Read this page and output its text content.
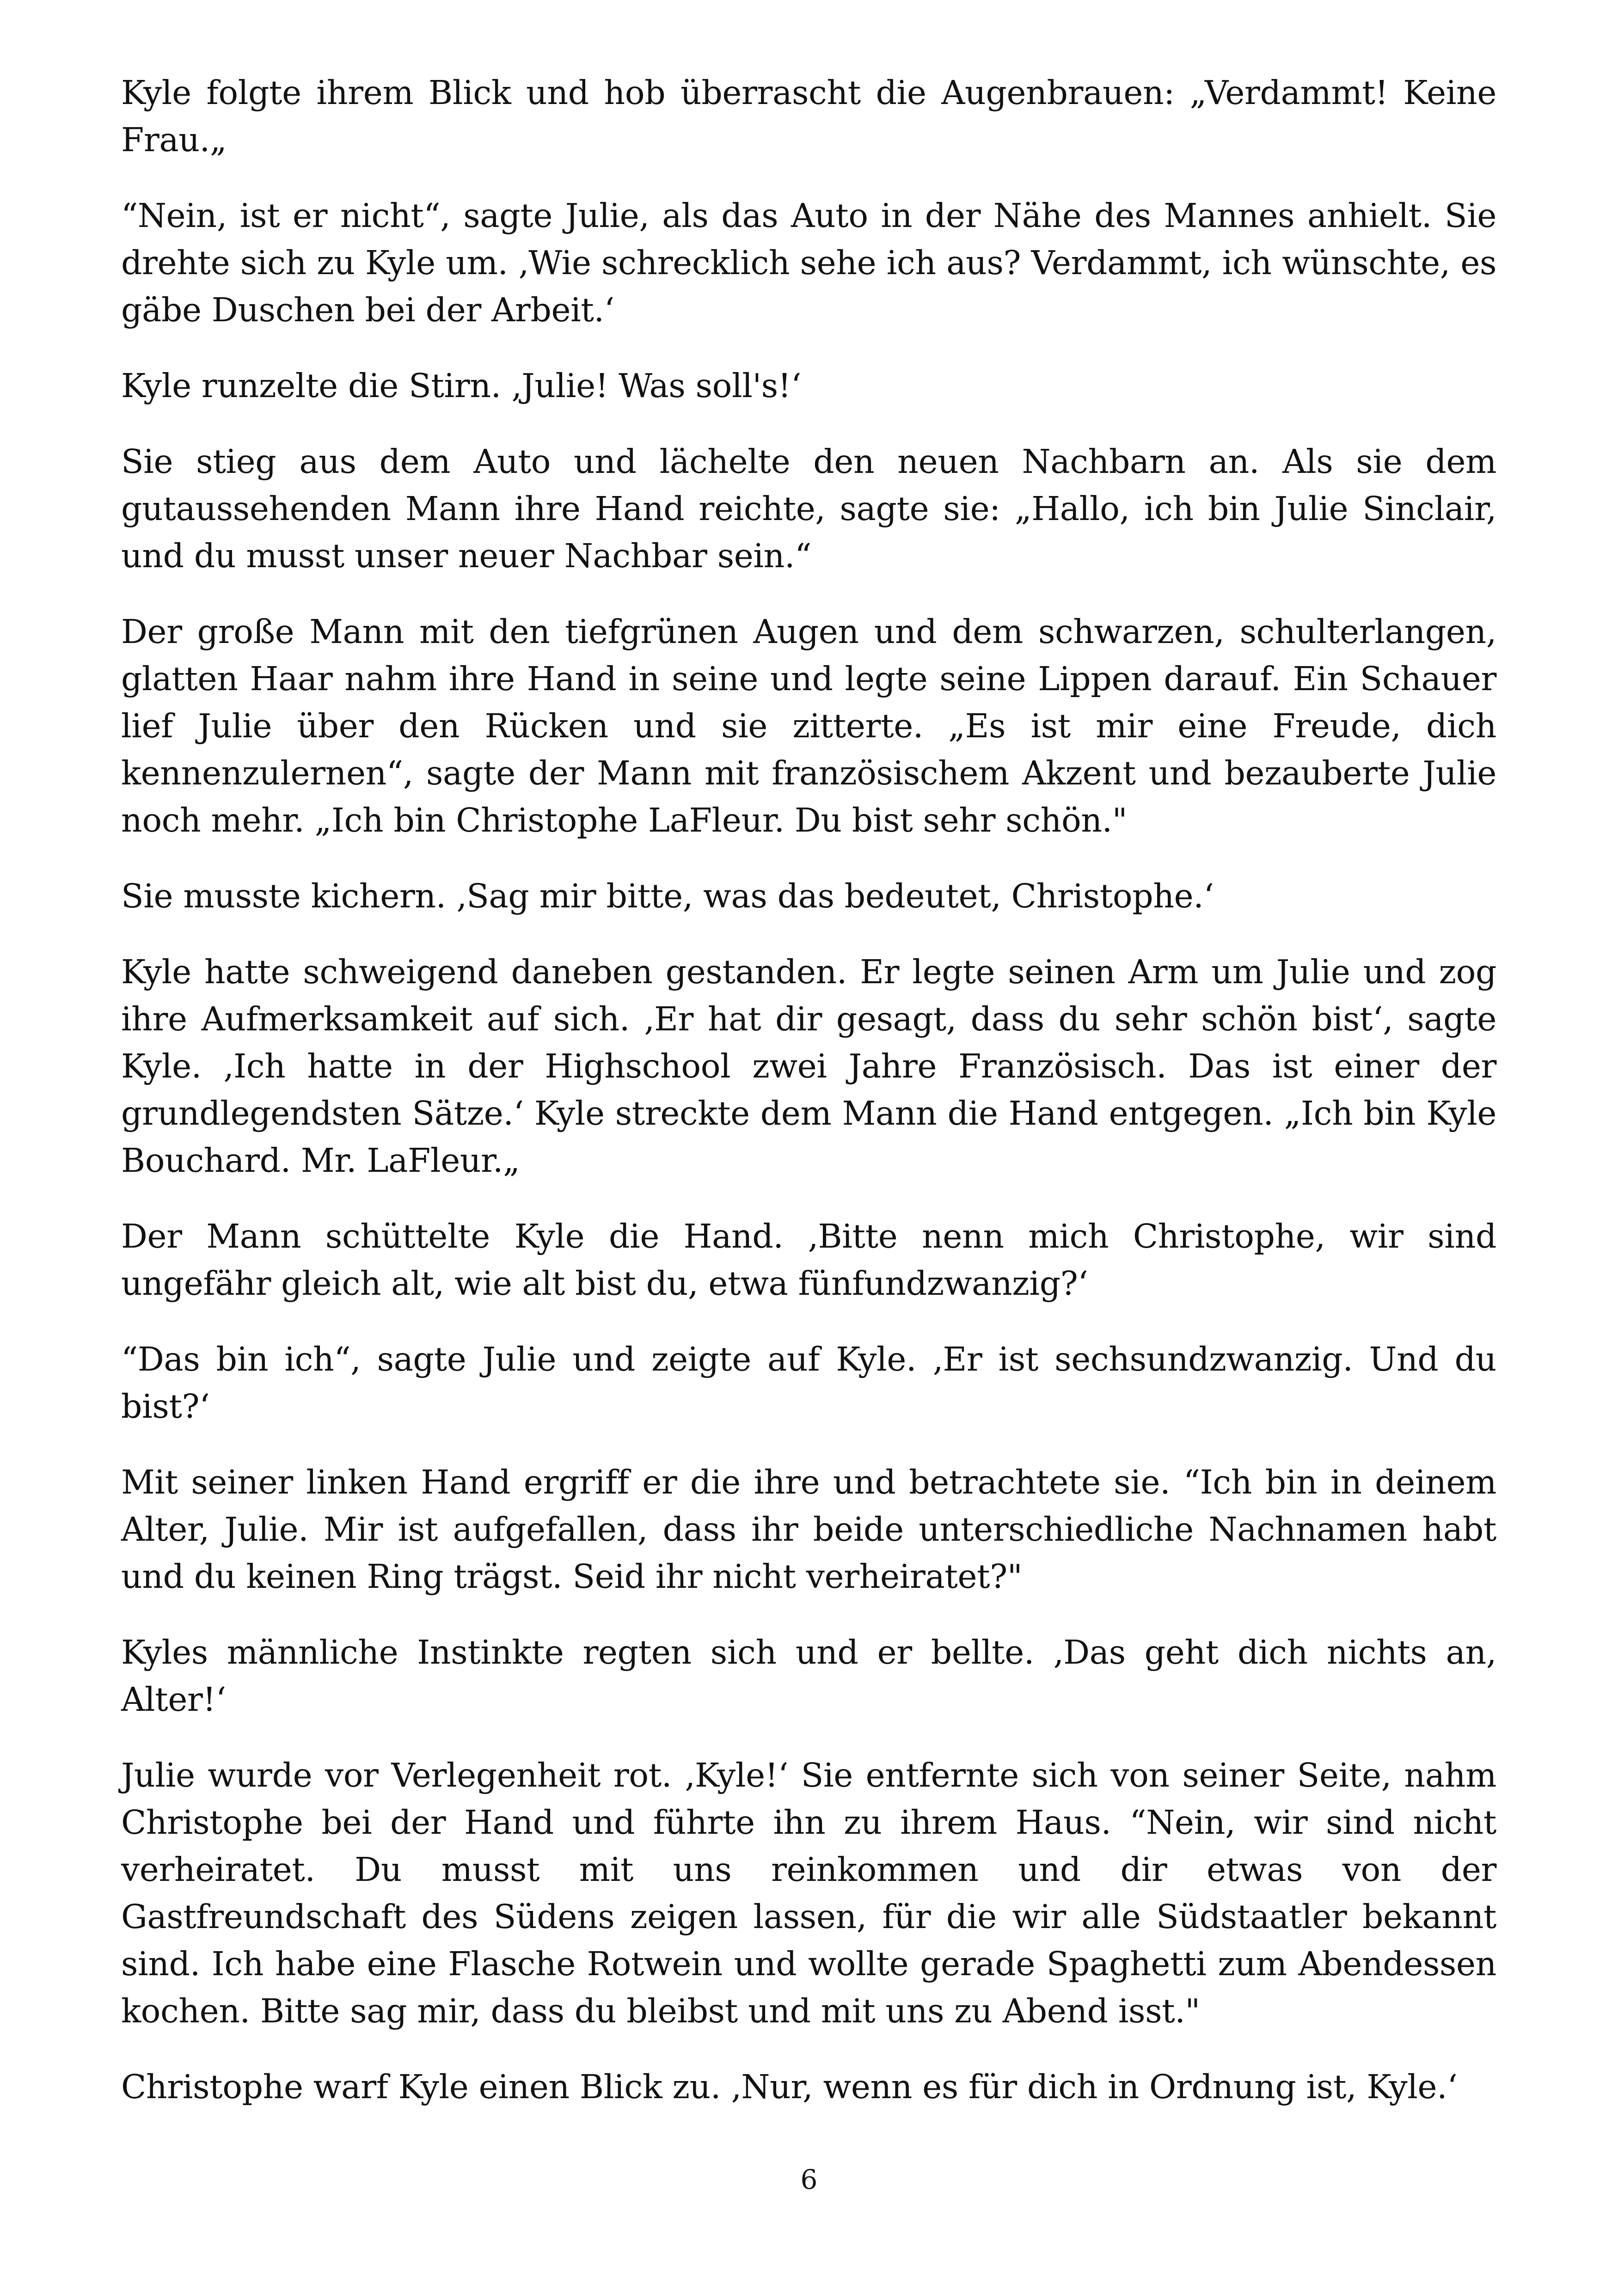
Kyle folgte ihrem Blick und hob überrascht die Augenbrauen: „Verdammt! Keine Frau.„

“Nein, ist er nicht“, sagte Julie, als das Auto in der Nähe des Mannes anhielt. Sie drehte sich zu Kyle um. ‚Wie schrecklich sehe ich aus? Verdammt, ich wünschte, es gäbe Duschen bei der Arbeit.‘

Kyle runzelte die Stirn. ‚Julie! Was soll's!‘

Sie stieg aus dem Auto und lächelte den neuen Nachbarn an. Als sie dem gutaussehenden Mann ihre Hand reichte, sagte sie: „Hallo, ich bin Julie Sinclair, und du musst unser neuer Nachbar sein.“

Der große Mann mit den tiefgrünen Augen und dem schwarzen, schulterlangen, glatten Haar nahm ihre Hand in seine und legte seine Lippen darauf. Ein Schauer lief Julie über den Rücken und sie zitterte. „Es ist mir eine Freude, dich kennenzulernen“, sagte der Mann mit französischem Akzent und bezauberte Julie noch mehr. „Ich bin Christophe LaFleur. Du bist sehr schön."

Sie musste kichern. ‚Sag mir bitte, was das bedeutet, Christophe.‘

Kyle hatte schweigend daneben gestanden. Er legte seinen Arm um Julie und zog ihre Aufmerksamkeit auf sich. ‚Er hat dir gesagt, dass du sehr schön bist‘, sagte Kyle. ‚Ich hatte in der Highschool zwei Jahre Französisch. Das ist einer der grundlegendsten Sätze.‘ Kyle streckte dem Mann die Hand entgegen. „Ich bin Kyle Bouchard. Mr. LaFleur.„

Der Mann schüttelte Kyle die Hand. ‚Bitte nenn mich Christophe, wir sind ungefähr gleich alt, wie alt bist du, etwa fünfundzwanzig?‘

“Das bin ich“, sagte Julie und zeigte auf Kyle. ‚Er ist sechsundzwanzig. Und du bist?‘

Mit seiner linken Hand ergriff er die ihre und betrachtete sie. “Ich bin in deinem Alter, Julie. Mir ist aufgefallen, dass ihr beide unterschiedliche Nachnamen habt und du keinen Ring trägst. Seid ihr nicht verheiratet?"

Kyles männliche Instinkte regten sich und er bellte. ‚Das geht dich nichts an, Alter!‘

Julie wurde vor Verlegenheit rot. ‚Kyle!‘ Sie entfernte sich von seiner Seite, nahm Christophe bei der Hand und führte ihn zu ihrem Haus. “Nein, wir sind nicht verheiratet. Du musst mit uns reinkommen und dir etwas von der Gastfreundschaft des Südens zeigen lassen, für die wir alle Südstaatler bekannt sind. Ich habe eine Flasche Rotwein und wollte gerade Spaghetti zum Abendessen kochen. Bitte sag mir, dass du bleibst und mit uns zu Abend isst."

Christophe warf Kyle einen Blick zu. ‚Nur, wenn es für dich in Ordnung ist, Kyle.‘

6
